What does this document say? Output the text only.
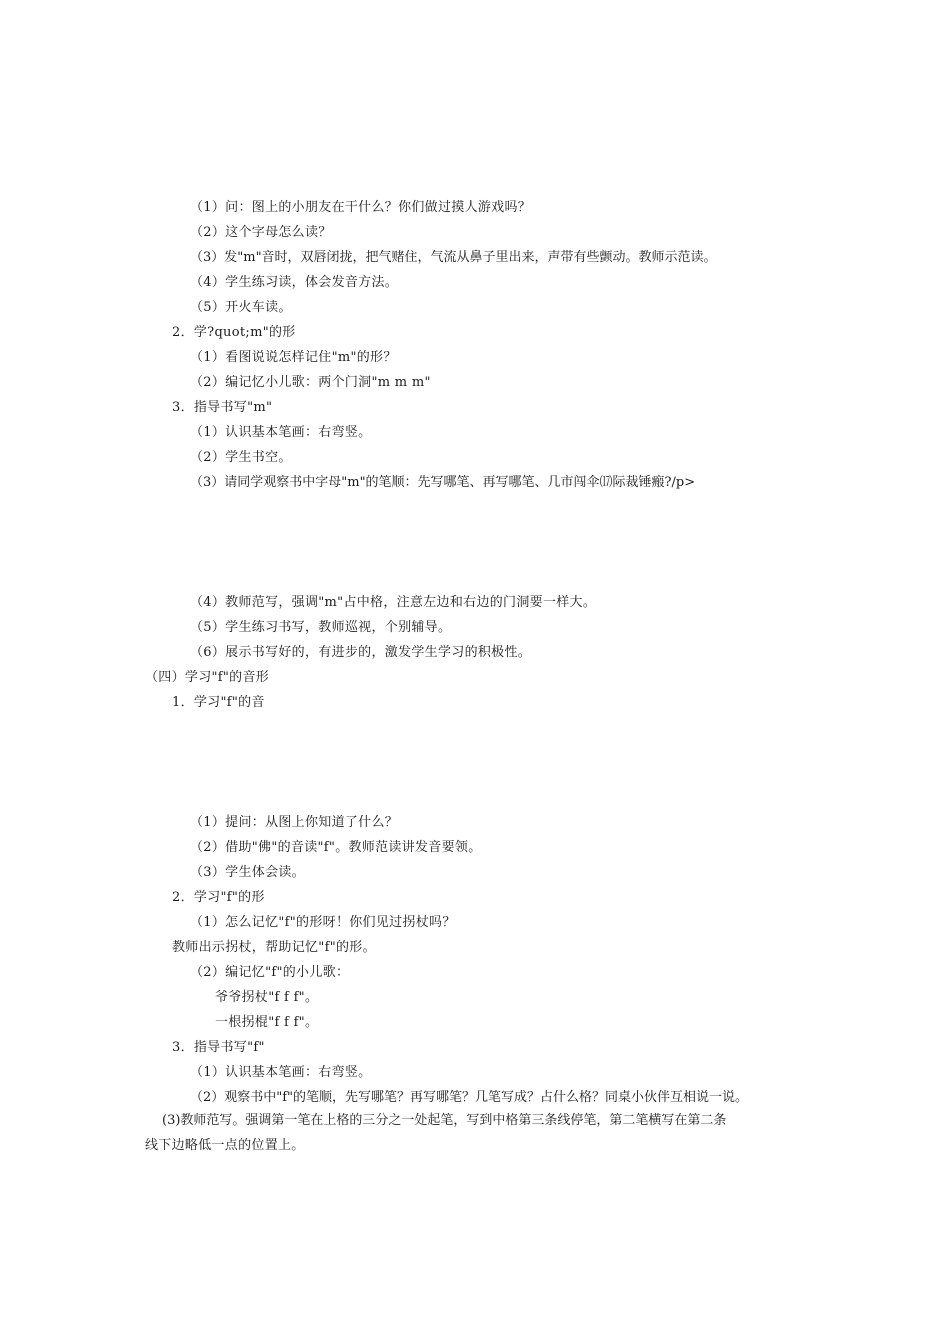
（1）问：图上的小朋友在干什么？你们做过摸人游戏吗？
（2）这个字母怎么读？
（3）发"m"音时，双唇闭拢，把气赌住，气流从鼻子里出来，声带有些颤动。教师示范读。
（4）学生练习读，体会发音方法。
（5）开火车读。
2．学?quot;m"的形
（1）看图说说怎样记住"m"的形？
（2）编记忆小儿歌：两个门洞"m m m"
3．指导书写"m"
（1）认识基本笔画：右弯竖。
（2）学生书空。
（3）请同学观察书中字母"m"的笔顺：先写哪笔、再写哪笔、几市闯伞⒄际裁锤瘢?/p>
（4）教师范写，强调"m"占中格，注意左边和右边的门洞要一样大。
（5）学生练习书写，教师巡视，个别辅导。
（6）展示书写好的，有进步的，激发学生学习的积极性。
（四）学习"f"的音形
1．学习"f"的音
（1）提问：从图上你知道了什么？
（2）借助"佛"的音读"f"。教师范读讲发音要领。
（3）学生体会读。
2．学习"f"的形
（1）怎么记忆"f"的形呀！你们见过拐杖吗？
教师出示拐杖，帮助记忆"f"的形。
（2）编记忆"f"的小儿歌：
爷爷拐杖"f f f"。
一根拐棍"f f f"。
3．指导书写"f"
（1）认识基本笔画：右弯竖。
（2）观察书中"f"的笔顺，先写哪笔？再写哪笔？几笔写成？占什么格？同桌小伙伴互相说一说。
(3)教师范写。强调第一笔在上格的三分之一处起笔，写到中格第三条线停笔，第二笔横写在第二条
线下边略低一点的位置上。
